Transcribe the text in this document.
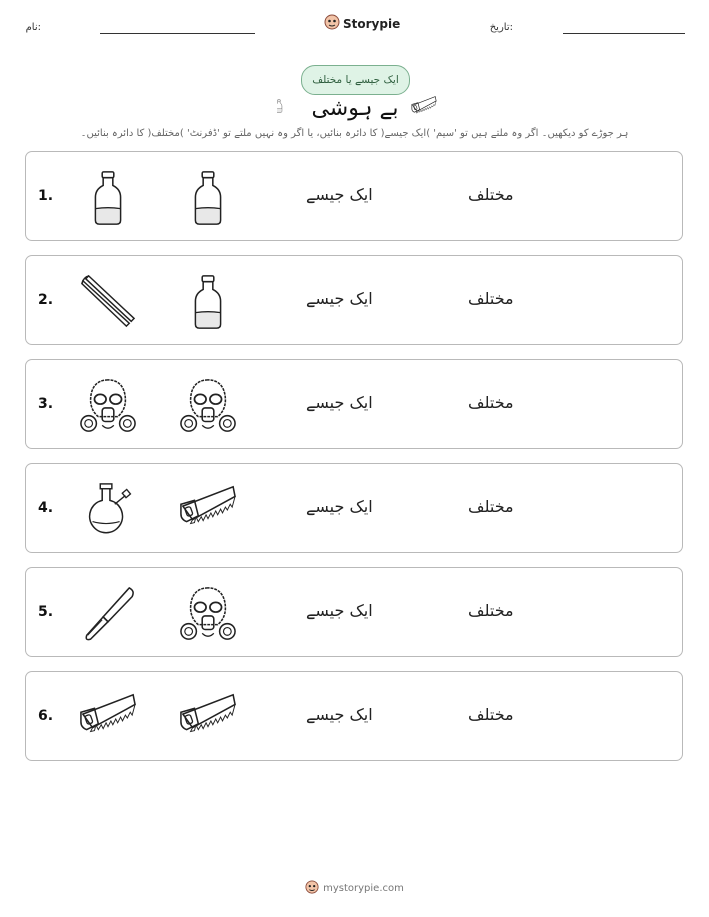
نام:	Storypie	تاریخ:
ایک جیسے یا مختلف
بے ہوشی
ہر جوڑے کو دیکھیں۔ اگر وہ ملتے ہیں تو 'سیم' )ایک جیسے( کا دائرہ بنائیں، یا اگر وہ نہیں ملتے تو 'ڈفرنٹ' )مختلف( کا دائرہ بنائیں۔
1.	ایک جیسے	مختلف
2.	ایک جیسے	مختلف
3.	ایک جیسے	مختلف
4.	ایک جیسے	مختلف
5.	ایک جیسے	مختلف
6.	ایک جیسے	مختلف
mystorypie.com
